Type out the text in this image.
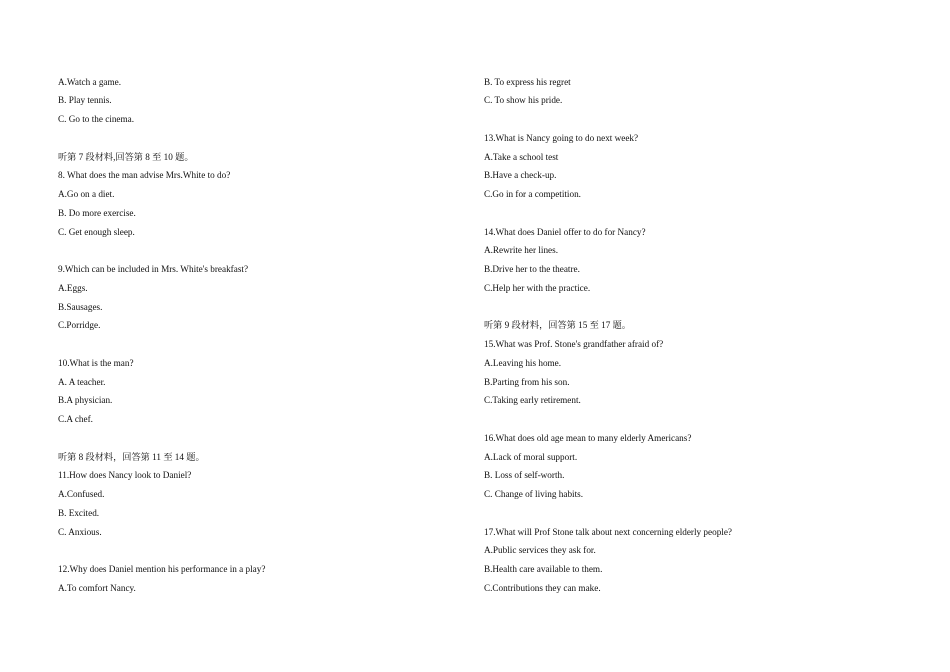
A.Watch a game.
B. Play tennis.
C. Go to the cinema.
听第 7 段材料,回答第 8 至 10 题。
8. What does the man advise Mrs.White to do?
A.Go on a diet.
B. Do more exercise.
C. Get enough sleep.
9.Which can be included in Mrs. White's breakfast?
A.Eggs.
B.Sausages.
C.Porridge.
10.What is the man?
A. A teacher.
B.A physician.
C.A chef.
听第 8 段材料，回答第 11 至 14 题。
11.How does Nancy look to Daniel?
A.Confused.
B. Excited.
C. Anxious.
12.Why does Daniel mention his performance in a play?
A.To comfort Nancy.
B. To express his regret
C. To show his pride.
13.What is Nancy going to do next week?
A.Take a school test
B.Have a check-up.
C.Go in for a competition.
14.What does Daniel offer to do for Nancy?
A.Rewrite her lines.
B.Drive her to the theatre.
C.Help her with the practice.
听第 9 段材料，回答第 15 至 17 题。
15.What was Prof. Stone's grandfather afraid of?
A.Leaving his home.
B.Parting from his son.
C.Taking early retirement.
16.What does old age mean to many elderly Americans?
A.Lack of moral support.
B. Loss of self-worth.
C. Change of living habits.
17.What will Prof Stone talk about next concerning elderly people?
A.Public services they ask for.
B.Health care available to them.
C.Contributions they can make.
